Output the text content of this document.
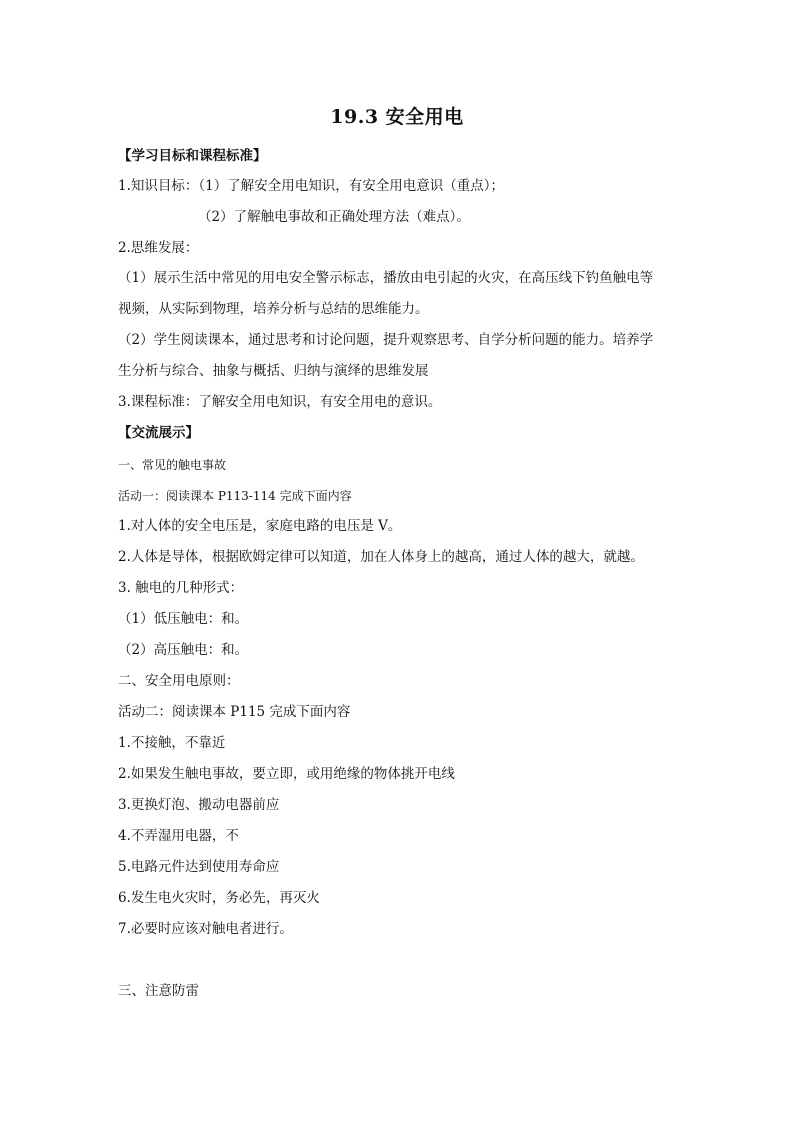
19.3 安全用电
【学习目标和课程标准】
1.知识目标：（1）了解安全用电知识，有安全用电意识（重点）；
（2）了解触电事故和正确处理方法（难点）。
2.思维发展：
（1）展示生活中常见的用电安全警示标志，播放由电引起的火灾，在高压线下钓鱼触电等
视频，从实际到物理，培养分析与总结的思维能力。
（2）学生阅读课本，通过思考和讨论问题，提升观察思考、自学分析问题的能力。培养学
生分析与综合、抽象与概括、归纳与演绎的思维发展
3.课程标准：了解安全用电知识，有安全用电的意识。
【交流展示】
一、常见的触电事故
活动一：阅读课本 P113-114 完成下面内容
1.对人体的安全电压是，家庭电路的电压是 V。
2.人体是导体，根据欧姆定律可以知道，加在人体身上的越高，通过人体的越大，就越。
3. 触电的几种形式：
（1）低压触电：和。
（2）高压触电：和。
二、安全用电原则：
活动二：阅读课本 P115 完成下面内容
1.不接触，不靠近
2.如果发生触电事故，要立即，或用绝缘的物体挑开电线
3.更换灯泡、搬动电器前应
4.不弄湿用电器，不
5.电路元件达到使用寿命应
6.发生电火灾时，务必先，再灭火
7.必要时应该对触电者进行。
三、注意防雷
